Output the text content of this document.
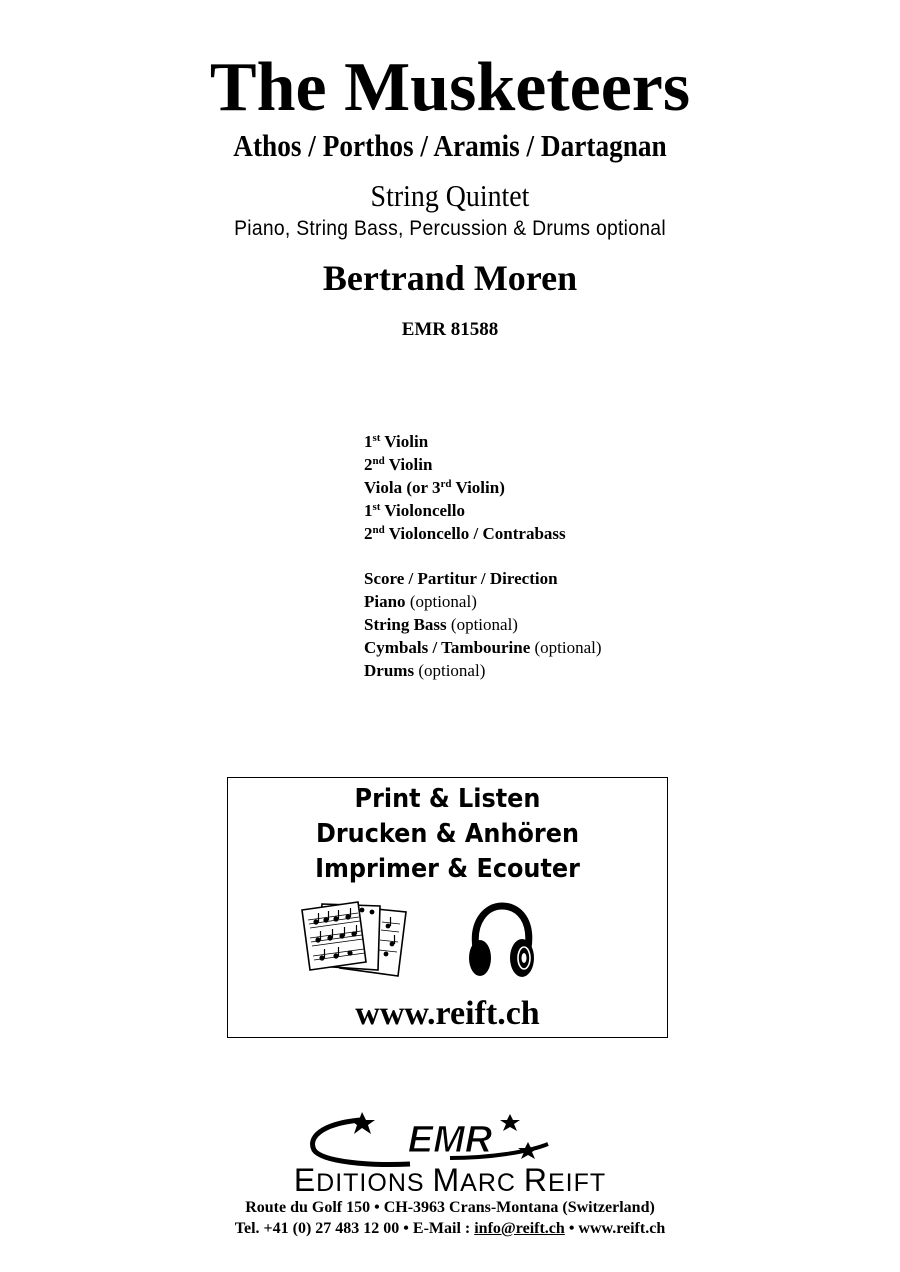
The Musketeers
Athos / Porthos / Aramis / Dartagnan
String Quintet
Piano, String Bass, Percussion & Drums optional
Bertrand Moren
EMR 81588
1st Violin
2nd Violin
Viola (or 3rd Violin)
1st Violoncello
2nd Violoncello / Contrabass
Score / Partitur / Direction
Piano (optional)
String Bass (optional)
Cymbals / Tambourine (optional)
Drums (optional)
Print & Listen
Drucken & Anhören
Imprimer & Ecouter
www.reift.ch
EMR
EDITIONS MARC REIFT
Route du Golf 150 • CH-3963 Crans-Montana (Switzerland)
Tel. +41 (0) 27 483 12 00 • E-Mail : info@reift.ch • www.reift.ch
